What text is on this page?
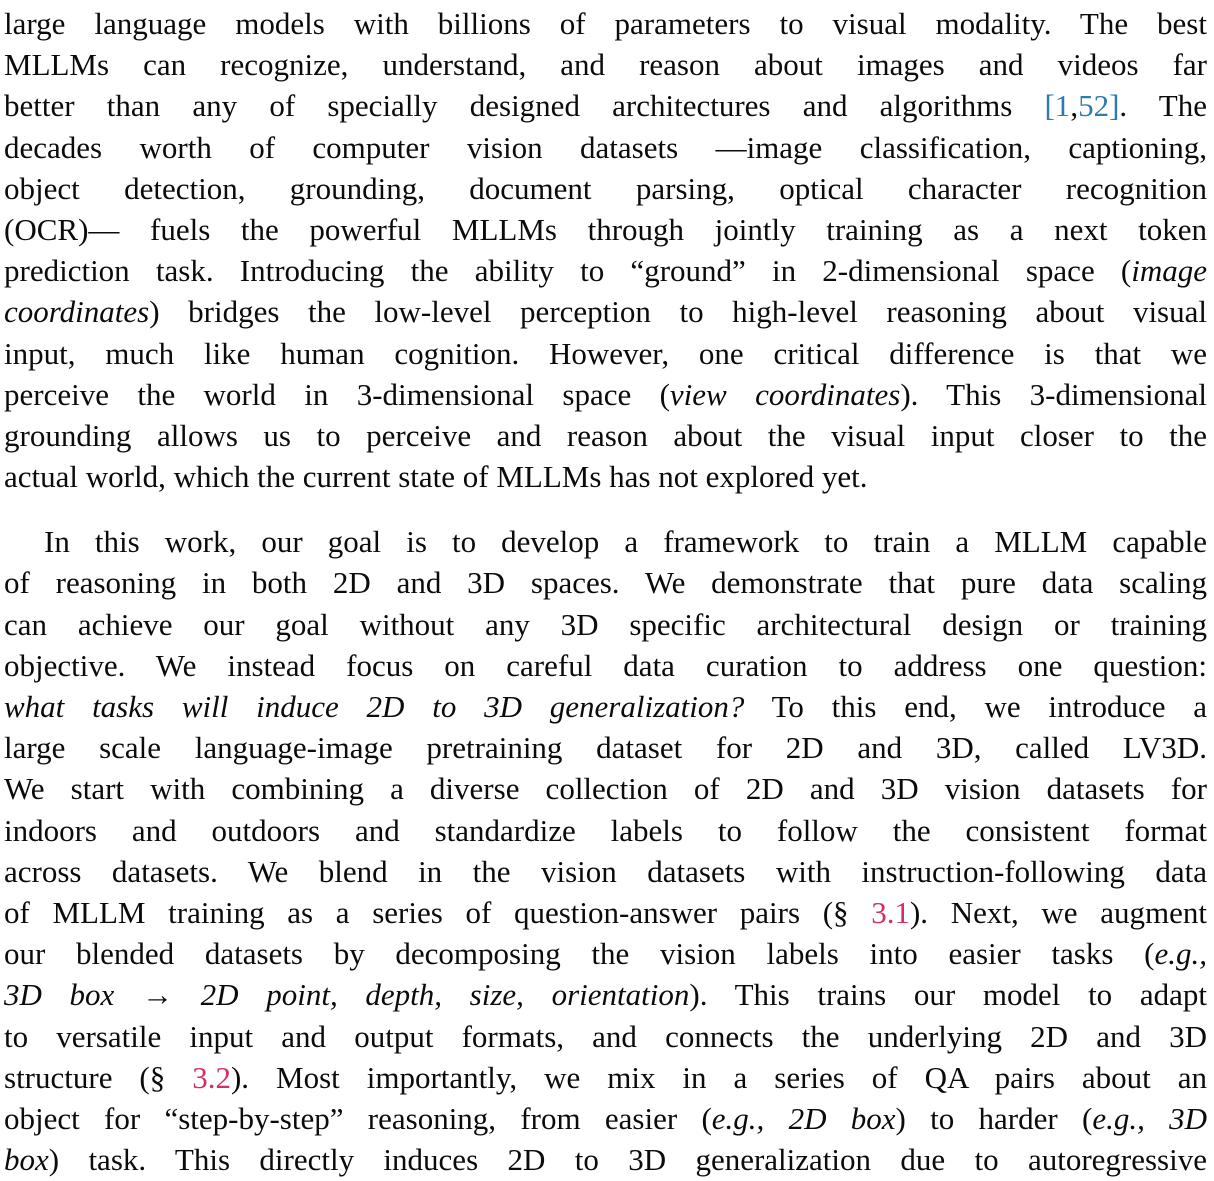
large language models with billions of parameters to visual modality. The best
MLLMs can recognize, understand, and reason about images and videos far
better than any of specially designed architectures and algorithms [1,52]. The
decades worth of computer vision datasets —image classification, captioning,
object detection, grounding, document parsing, optical character recognition
(OCR)— fuels the powerful MLLMs through jointly training as a next token
prediction task. Introducing the ability to “ground” in 2-dimensional space (image
coordinates) bridges the low-level perception to high-level reasoning about visual
input, much like human cognition. However, one critical difference is that we
perceive the world in 3-dimensional space (view coordinates). This 3-dimensional
grounding allows us to perceive and reason about the visual input closer to the
actual world, which the current state of MLLMs has not explored yet.
In this work, our goal is to develop a framework to train a MLLM capable
of reasoning in both 2D and 3D spaces. We demonstrate that pure data scaling
can achieve our goal without any 3D specific architectural design or training
objective. We instead focus on careful data curation to address one question:
what tasks will induce 2D to 3D generalization? To this end, we introduce a
large scale language-image pretraining dataset for 2D and 3D, called LV3D.
We start with combining a diverse collection of 2D and 3D vision datasets for
indoors and outdoors and standardize labels to follow the consistent format
across datasets. We blend in the vision datasets with instruction-following data
of MLLM training as a series of question-answer pairs (§ 3.1). Next, we augment
our blended datasets by decomposing the vision labels into easier tasks (e.g.,
3D box → 2D point, depth, size, orientation). This trains our model to adapt
to versatile input and output formats, and connects the underlying 2D and 3D
structure (§ 3.2). Most importantly, we mix in a series of QA pairs about an
object for “step-by-step” reasoning, from easier (e.g., 2D box) to harder (e.g., 3D
box) task. This directly induces 2D to 3D generalization due to autoregressive
